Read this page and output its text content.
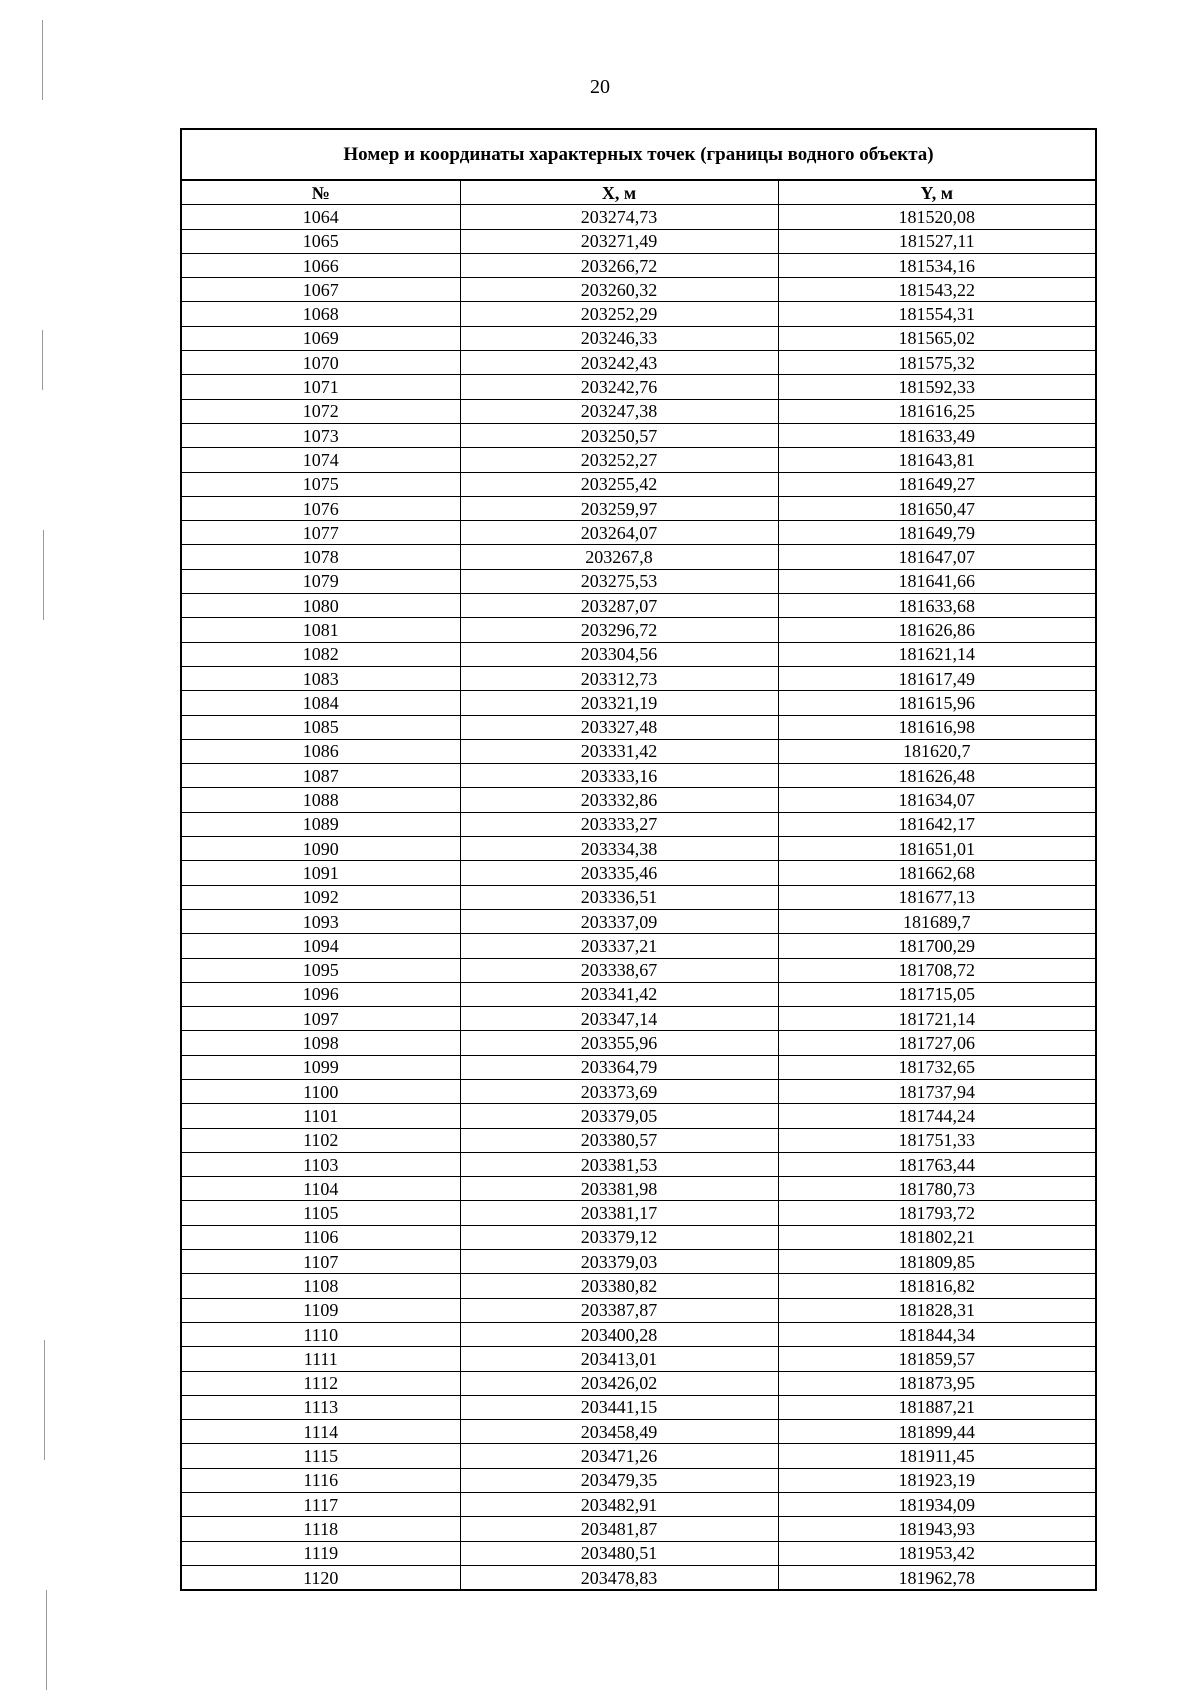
20
Номер и координаты характерных точек (границы водного объекта)
№	X, м	Y, м
1064	203274,73	181520,08
1065	203271,49	181527,11
1066	203266,72	181534,16
1067	203260,32	181543,22
1068	203252,29	181554,31
1069	203246,33	181565,02
1070	203242,43	181575,32
1071	203242,76	181592,33
1072	203247,38	181616,25
1073	203250,57	181633,49
1074	203252,27	181643,81
1075	203255,42	181649,27
1076	203259,97	181650,47
1077	203264,07	181649,79
1078	203267,8	181647,07
1079	203275,53	181641,66
1080	203287,07	181633,68
1081	203296,72	181626,86
1082	203304,56	181621,14
1083	203312,73	181617,49
1084	203321,19	181615,96
1085	203327,48	181616,98
1086	203331,42	181620,7
1087	203333,16	181626,48
1088	203332,86	181634,07
1089	203333,27	181642,17
1090	203334,38	181651,01
1091	203335,46	181662,68
1092	203336,51	181677,13
1093	203337,09	181689,7
1094	203337,21	181700,29
1095	203338,67	181708,72
1096	203341,42	181715,05
1097	203347,14	181721,14
1098	203355,96	181727,06
1099	203364,79	181732,65
1100	203373,69	181737,94
1101	203379,05	181744,24
1102	203380,57	181751,33
1103	203381,53	181763,44
1104	203381,98	181780,73
1105	203381,17	181793,72
1106	203379,12	181802,21
1107	203379,03	181809,85
1108	203380,82	181816,82
1109	203387,87	181828,31
1110	203400,28	181844,34
1111	203413,01	181859,57
1112	203426,02	181873,95
1113	203441,15	181887,21
1114	203458,49	181899,44
1115	203471,26	181911,45
1116	203479,35	181923,19
1117	203482,91	181934,09
1118	203481,87	181943,93
1119	203480,51	181953,42
1120	203478,83	181962,78
